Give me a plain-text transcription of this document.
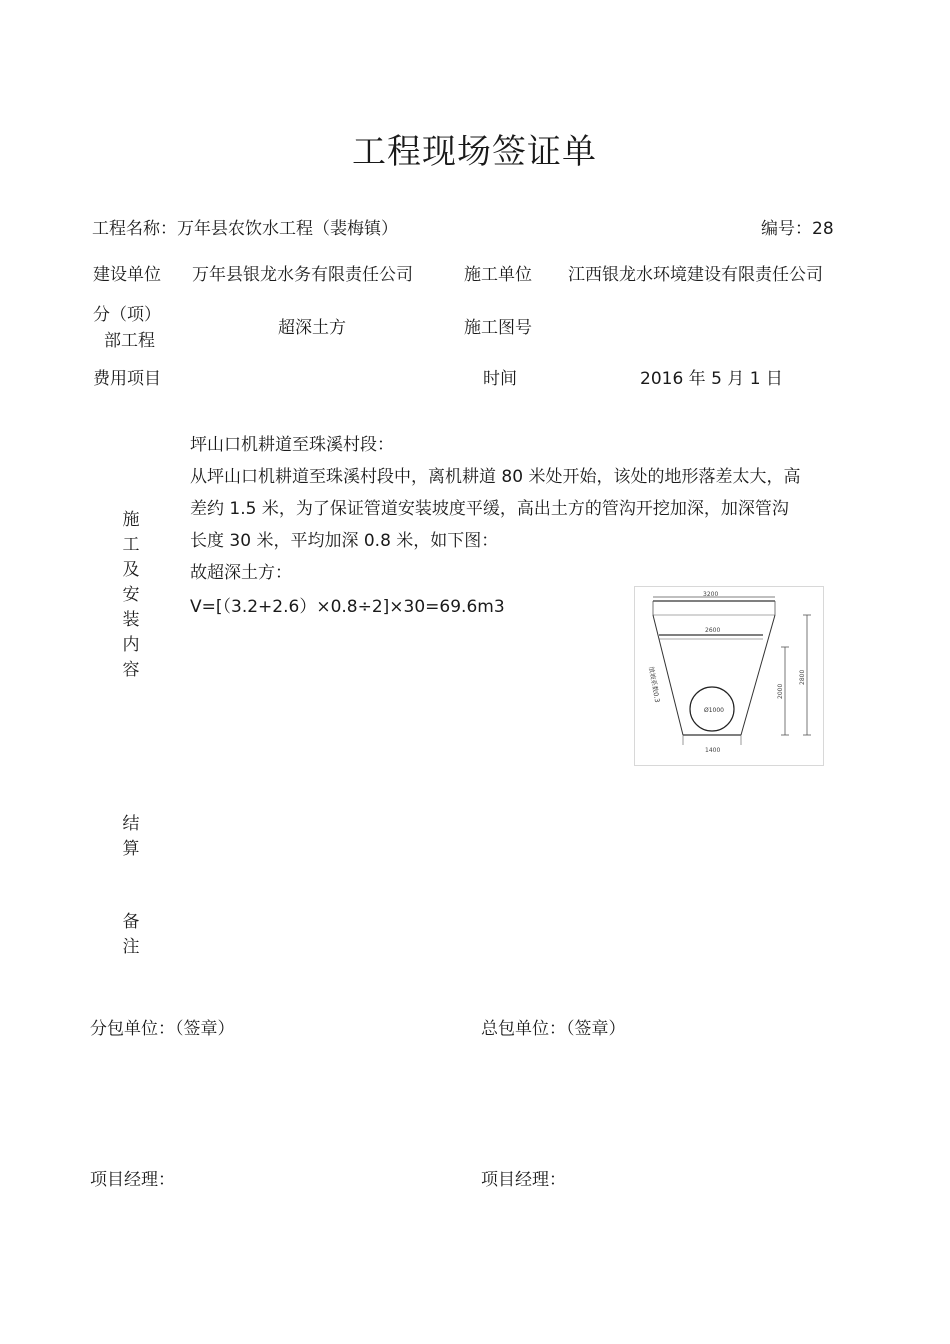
工程现场签证单
工程名称：万年县农饮水工程（裴梅镇）	编号：28
建设单位 万年县银龙水务有限责任公司	施工单位 江西银龙水环境建设有限责任公司
分（项）
部工程
超深土方	施工图号
费用项目	时间	2016 年 5 月 1 日
施
工
及
安
装
内
容
坪山口机耕道至珠溪村段：
从坪山口机耕道至珠溪村段中，离机耕道 80 米处开始，该处的地形落差太大，高
差约 1.5 米，为了保证管道安装坡度平缓，高出土方的管沟开挖加深，加深管沟
长度 30 米，平均加深 0.8 米，如下图：
故超深土方：
V=[（3.2+2.6）×0.8÷2]×30=69.6m3
3200
2600
Ø1000
1400
2000
2800
放坡系数0.3
结
算
备
注
分包单位：（签章）	总包单位：（签章）
项目经理：	项目经理：
